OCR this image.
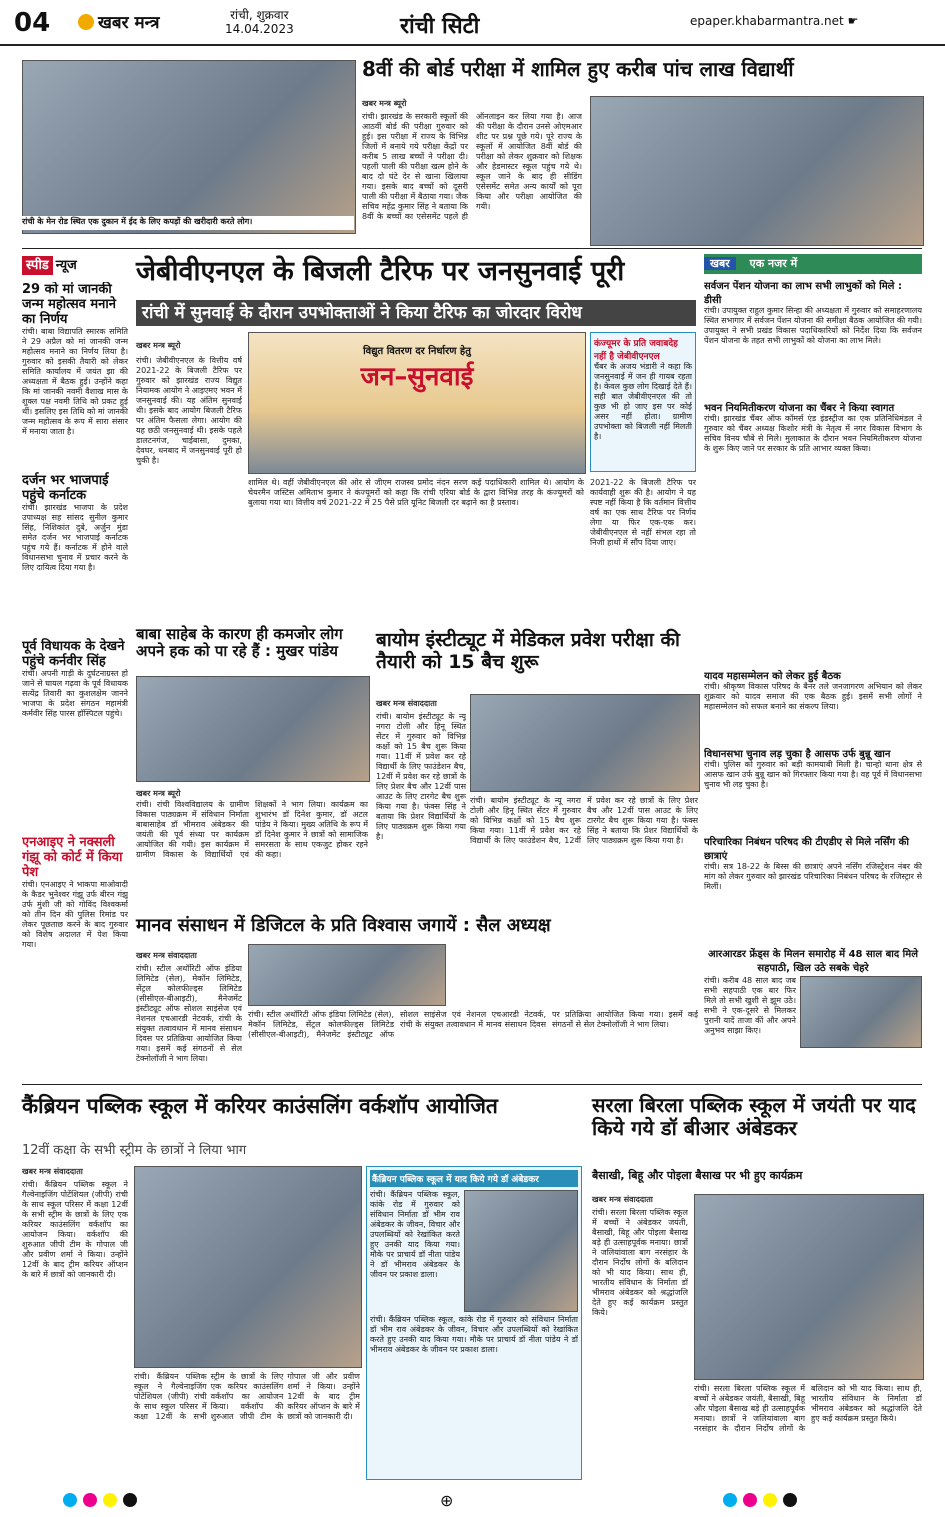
04	खबर मन्त्र	रांची, शुक्रवार
14.04.2023	रांची सिटी	epaper.khabarmantra.net ☛
रांची के मेन रोड स्थित एक दुकान में ईद के लिए कपड़ों की खरीदारी करते लोग।
8वीं की बोर्ड परीक्षा में शामिल हुए करीब पांच लाख विद्यार्थी
खबर मन्त्र ब्यूरो
रांची। झारखंड के सरकारी स्कूलों की आठवीं बोर्ड की परीक्षा गुरुवार को हुई। इस परीक्षा में राज्य के विभिन्न जिलों में बनाये गये परीक्षा केंद्रों पर करीब 5 लाख बच्चों ने परीक्षा दी। पहली पाली की परीक्षा खत्म होने के बाद दो घंटे देर से खाना खिलाया गया। इसके बाद बच्चों को दूसरी पाली की परीक्षा में बैठाया गया। जैक सचिव महेंद्र कुमार सिंह ने बताया कि 8वीं के बच्चों का एसेसमेंट पहले ही ऑनलाइन कर लिया गया है। आज की परीक्षा के दौरान उनसे ओएमआर शीट पर प्रश्न पूछे गये। पूरे राज्य के स्कूलों में आयोजित 8वीं बोर्ड की परीक्षा को लेकर शुक्रवार को शिक्षक और हेडमास्टर स्कूल पहुंच गये थे। स्कूल जाने के बाद ही सीडिंग एसेसमेंट समेत अन्य कार्यों को पूरा किया और परीक्षा आयोजित की गयी।
स्पीड न्यूज
29 को मां जानकी जन्म महोत्सव मनाने का निर्णय
रांची। बाबा विद्यापति स्मारक समिति ने 29 अप्रैल को मां जानकी जन्म महोत्सव मनाने का निर्णय लिया है। गुरुवार को इसकी तैयारी को लेकर समिति कार्यालय में जयंत झा की अध्यक्षता में बैठक हुई। उन्होंने कहा कि मां जानकी नवमी वैशाख मास के शुक्ल पक्ष नवमी तिथि को प्रकट हुई थीं। इसलिए इस तिथि को मां जानकी जन्म महोत्सव के रूप में सारा संसार में मनाया जाता है।
दर्जन भर भाजपाई पहुंचे कर्नाटक
रांची। झारखंड भाजपा के प्रदेश उपाध्यक्ष सह सांसद सुनील कुमार सिंह, निशिकांत दुबे, अर्जुन मुंडा समेत दर्जन भर भाजपाई कर्नाटक पहुंच गये हैं। कर्नाटक में होने वाले विधानसभा चुनाव में प्रचार करने के लिए दायित्व दिया गया है।
पूर्व विधायक के देखने पहुंचे कर्नवीर सिंह
रांची। अपनी गाड़ी के दुर्घटनाग्रस्त हो जाने से घायल गढ़वा के पूर्व विधायक सत्येंद्र तिवारी का कुशलक्षेम जानने भाजपा के प्रदेश संगठन महामंत्री कर्मवीर सिंह पारस हॉस्पिटल पहुंचे।
एनआइए ने नक्सली गंझू को कोर्ट में किया पेश
रांची। एनआइए ने भाकपा माओवादी के कैडर भुनेश्वर गंझू उर्फ बीरन गंझू उर्फ मुंशी जी को गोविंद विश्वकर्मा को तीन दिन की पुलिस रिमांड पर लेकर पूछताछ करने के बाद गुरुवार को विशेष अदालत में पेश किया गया।
जेबीवीएनएल के बिजली टैरिफ पर जनसुनवाई पूरी
रांची में सुनवाई के दौरान उपभोक्ताओं ने किया टैरिफ का जोरदार विरोध
खबर मन्त्र ब्यूरो
रांची। जेबीवीएनएल के वित्तीय वर्ष 2021-22 के बिजली टैरिफ पर गुरुवार को झारखंड राज्य विद्युत नियामक आयोग ने आइएमए भवन में जनसुनवाई की। यह अंतिम सुनवाई थी। इसके बाद आयोग बिजली टैरिफ पर अंतिम फैसला लेगा। आयोग की यह छठी जनसुनवाई थी। इसके पहले डालटनगंज, चाईबासा, दुमका, देवघर, धनबाद में जनसुनवाई पूरी हो चुकी है।
विद्युत वितरण दर निर्धारण हेतु
जन–सुनवाई
शामिल थे। वहीं जेबीवीएनएल की ओर से जीएम राजस्व प्रमोद नंदन सरण कई पदाधिकारी शामिल थे। आयोग के चेयरमैन जस्टिस अमिताभ कुमार ने कंज्यूमरों को कहा कि रांची एरिया बोर्ड के द्वारा विभिन्न तरह के कंज्यूमरों को बुलाया गया था। वित्तीय वर्ष 2021-22 में 25 पैसे प्रति यूनिट बिजली दर बढ़ाने का है प्रस्ताव।
कंज्यूमर के प्रति जवाबदेह नहीं है जेबीवीएनएल
चैंबर के अजय भंडारी ने कहा कि जनसुनवाई में जन ही गायब रहता है। केवल कुछ लोग दिखाई देते हैं। सही बात जेबीवीएनएल की तो कुछ भी हो जाए इस पर कोई असर नहीं होता। ग्रामीण उपभोक्ता को बिजली नहीं मिलती है।
2021-22 के बिजली टैरिफ पर कार्यवाही शुरू की है। आयोग ने यह स्पष्ट नहीं किया है कि वर्तमान वित्तीय वर्ष का एक साथ टैरिफ पर निर्णय लेगा या फिर एक-एक कर। जेबीवीएनएल से नहीं संभल रहा तो निजी हाथों में सौंप दिया जाए।
बाबा साहेब के कारण ही कमजोर लोग अपने हक को पा रहे हैं : मुखर पांडेय
खबर मन्त्र ब्यूरो
रांची। रांची विश्वविद्यालय के ग्रामीण विकास पाठ्यक्रम में संविधान निर्माता बाबासाहेब डॉ भीमराव अंबेडकर की जयंती की पूर्व संध्या पर कार्यक्रम आयोजित की गयी। इस कार्यक्रम में ग्रामीण विकास के विद्यार्थियों एवं शिक्षकों ने भाग लिया। कार्यक्रम का शुभारंभ डॉ दिनेश कुमार, डॉ अटल पांडेय ने किया। मुख्य अतिथि के रूप में डॉ दिनेश कुमार ने छात्रों को सामाजिक समरसता के साथ एकजुट होकर रहने की कहा।
बायोम इंस्टीट्यूट में मेडिकल प्रवेश परीक्षा की तैयारी को 15 बैच शुरू
खबर मन्त्र संवाददाता
रांची। बायोम इंस्टीट्यूट के न्यू नगरा टोली और हिनू स्थित सेंटर में गुरुवार को विभिन्न कक्षों को 15 बैच शुरू किया गया। 11वीं में प्रवेश कर रहे विद्यार्थी के लिए फाउंडेशन बैच, 12वीं में प्रवेश कर रहे छात्रों के लिए प्रेशर बैच और 12वीं पास आउट के लिए टारगेट बैच शुरू किया गया है। फंक्स सिंह ने बताया कि प्रेशर विद्यार्थियों के लिए पाठ्यक्रम शुरू किया गया है।
रांची। बायोम इंस्टीट्यूट के न्यू नगरा टोली और हिनू स्थित सेंटर में गुरुवार को विभिन्न कक्षों को 15 बैच शुरू किया गया। 11वीं में प्रवेश कर रहे विद्यार्थी के लिए फाउंडेशन बैच, 12वीं में प्रवेश कर रहे छात्रों के लिए प्रेशर बैच और 12वीं पास आउट के लिए टारगेट बैच शुरू किया गया है। फंक्स सिंह ने बताया कि प्रेशर विद्यार्थियों के लिए पाठ्यक्रम शुरू किया गया है।
मानव संसाधन में डिजिटल के प्रति विश्वास जगायें : सैल अध्यक्ष
खबर मन्त्र संवाददाता
रांची। स्टील अथॉरिटी ऑफ इंडिया लिमिटेड (सेल), मेकॉन लिमिटेड, सेंट्रल कोलफील्ड्स लिमिटेड (सीसीएल-बीआइटी), मैनेजमेंट इंस्टीट्यूट ऑफ सोशल साइंसेज एवं नेशनल एचआरडी नेटवर्क, रांची के संयुक्त तत्वावधान में मानव संसाधन दिवस पर प्रतिक्रिया आयोजित किया गया। इसमें कई संगठनों से सेल टेक्नोलॉजी ने भाग लिया।
रांची। स्टील अथॉरिटी ऑफ इंडिया लिमिटेड (सेल), मेकॉन लिमिटेड, सेंट्रल कोलफील्ड्स लिमिटेड (सीसीएल-बीआइटी), मैनेजमेंट इंस्टीट्यूट ऑफ सोशल साइंसेज एवं नेशनल एचआरडी नेटवर्क, रांची के संयुक्त तत्वावधान में मानव संसाधन दिवस पर प्रतिक्रिया आयोजित किया गया। इसमें कई संगठनों से सेल टेक्नोलॉजी ने भाग लिया।
खबर एक नजर में
सर्वजन पेंशन योजना का लाभ सभी लाभुकों को मिले : डीसी
रांची। उपायुक्त राहुल कुमार सिन्हा की अध्यक्षता में गुरुवार को समाहरणालय स्थित सभागार में सर्वजन पेंशन योजना की समीक्षा बैठक आयोजित की गयी। उपायुक्त ने सभी प्रखंड विकास पदाधिकारियों को निर्देश दिया कि सर्वजन पेंशन योजना के तहत सभी लाभुकों को योजना का लाभ मिले।
भवन नियमितीकरण योजना का चैंबर ने किया स्वागत
रांची। झारखंड चैंबर ऑफ कॉमर्स एंड इंडस्ट्रीज का एक प्रतिनिधिमंडल ने गुरुवार को चैंबर अध्यक्ष किशोर मंत्री के नेतृत्व में नगर विकास विभाग के सचिव विनय चौबे से मिले। मुलाकात के दौरान भवन नियमितीकरण योजना के शुरू किए जाने पर सरकार के प्रति आभार व्यक्त किया।
यादव महासम्मेलन को लेकर हुई बैठक
रांची। श्रीकृष्ण विकास परिषद के बैनर तले जनजागरण अभियान को लेकर शुक्रवार को यादव समाज की एक बैठक हुई। इसमें सभी लोगों ने महासम्मेलन को सफल बनाने का संकल्प लिया।
विधानसभा चुनाव लड़ चुका है आसफ उर्फ बुन्नू खान
रांची। पुलिस को गुरुवार को बड़ी कामयाबी मिली है। चान्हो थाना क्षेत्र से आसफ खान उर्फ बुन्नू खान को गिरफ्तार किया गया है। वह पूर्व में विधानसभा चुनाव भी लड़ चुका है।
परिचारिका निबंधन परिषद की टीएडीए से मिले नर्सिंग की छात्राएं
रांची। सत्र 18-22 के बिस्स की छात्राएं अपने नर्सिंग रजिस्ट्रेशन नंबर की मांग को लेकर गुरुवार को झारखंड परिचारिका निबंधन परिषद के रजिस्ट्रार से मिलीं।
आरआरडर फ्रेंड्स के मिलन समारोह में 48 साल बाद मिले सहपाठी, खिल उठे सबके चेहरे
रांची। करीब 48 साल बाद जब सभी सहपाठी एक बार फिर मिले तो सभी खुशी से झूम उठे। सभी ने एक-दूसरे से मिलकर पुरानी यादें ताजा कीं और अपने अनुभव साझा किए।
कैंब्रियन पब्लिक स्कूल में करियर काउंसलिंग वर्कशॉप आयोजित
12वीं कक्षा के सभी स्ट्रीम के छात्रों ने लिया भाग
खबर मन्त्र संवाददाता
रांची। कैंब्रियन पब्लिक स्कूल ने गैल्वेनाइजिंग पोटेंशियल (जीपी) रांची के साथ स्कूल परिसर में कक्षा 12वीं के सभी स्ट्रीम के छात्रों के लिए एक करियर काउंसलिंग वर्कशॉप का आयोजन किया। वर्कशॉप की शुरुआत जीपी टीम के गोपाल जी और प्रवीण शर्मा ने किया। उन्होंने 12वीं के बाद ट्रीम करियर ऑप्शन के बारे में छात्रों को जानकारी दी।
रांची। कैंब्रियन पब्लिक स्कूल ने गैल्वेनाइजिंग पोटेंशियल (जीपी) रांची के साथ स्कूल परिसर में कक्षा 12वीं के सभी स्ट्रीम के छात्रों के लिए एक करियर काउंसलिंग वर्कशॉप का आयोजन किया। वर्कशॉप की शुरुआत जीपी टीम के गोपाल जी और प्रवीण शर्मा ने किया। उन्होंने 12वीं के बाद ट्रीम करियर ऑप्शन के बारे में छात्रों को जानकारी दी।
कैंब्रियन पब्लिक स्कूल में याद किये गये डॉ अंबेडकर
रांची। कैंब्रियन पब्लिक स्कूल, कांके रोड में गुरुवार को संविधान निर्माता डॉ भीम राव अंबेडकर के जीवन, विचार और उपलब्धियों को रेखांकित करते हुए उनकी याद किया गया। मौके पर प्राचार्य डॉ नीता पांडेय ने डॉ भीमराव अंबेडकर के जीवन पर प्रकाश डाला।
रांची। कैंब्रियन पब्लिक स्कूल, कांके रोड में गुरुवार को संविधान निर्माता डॉ भीम राव अंबेडकर के जीवन, विचार और उपलब्धियों को रेखांकित करते हुए उनकी याद किया गया। मौके पर प्राचार्य डॉ नीता पांडेय ने डॉ भीमराव अंबेडकर के जीवन पर प्रकाश डाला।
सरला बिरला पब्लिक स्कूल में जयंती पर याद किये गये डॉ बीआर अंबेडकर
बैसाखी, बिहू और पोइला बैसाख पर भी हुए कार्यक्रम
खबर मन्त्र संवाददाता
रांची। सरला बिरला पब्लिक स्कूल में बच्चों ने अंबेडकर जयंती, बैसाखी, बिहू और पोइला बैसाख बड़े ही उत्साहपूर्वक मनाया। छात्रों ने जलियांवाला बाग नरसंहार के दौरान निर्दोष लोगों के बलिदान को भी याद किया। साथ ही, भारतीय संविधान के निर्माता डॉ भीमराव अंबेडकर को श्रद्धांजलि देते हुए कई कार्यक्रम प्रस्तुत किये।
रांची। सरला बिरला पब्लिक स्कूल में बच्चों ने अंबेडकर जयंती, बैसाखी, बिहू और पोइला बैसाख बड़े ही उत्साहपूर्वक मनाया। छात्रों ने जलियांवाला बाग नरसंहार के दौरान निर्दोष लोगों के बलिदान को भी याद किया। साथ ही, भारतीय संविधान के निर्माता डॉ भीमराव अंबेडकर को श्रद्धांजलि देते हुए कई कार्यक्रम प्रस्तुत किये।
⊕
